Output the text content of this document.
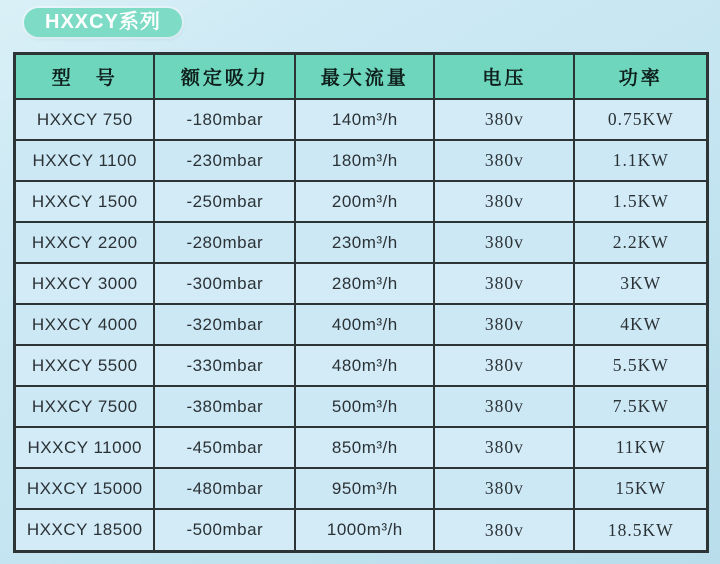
HXXCY系列
型　号	额定吸力	最大流量	电压	功率
HXXCY 750	-180mbar	140m³/h	380v	0.75KW
HXXCY 1100	-230mbar	180m³/h	380v	1.1KW
HXXCY 1500	-250mbar	200m³/h	380v	1.5KW
HXXCY 2200	-280mbar	230m³/h	380v	2.2KW
HXXCY 3000	-300mbar	280m³/h	380v	3KW
HXXCY 4000	-320mbar	400m³/h	380v	4KW
HXXCY 5500	-330mbar	480m³/h	380v	5.5KW
HXXCY 7500	-380mbar	500m³/h	380v	7.5KW
HXXCY 11000	-450mbar	850m³/h	380v	11KW
HXXCY 15000	-480mbar	950m³/h	380v	15KW
HXXCY 18500	-500mbar	1000m³/h	380v	18.5KW
